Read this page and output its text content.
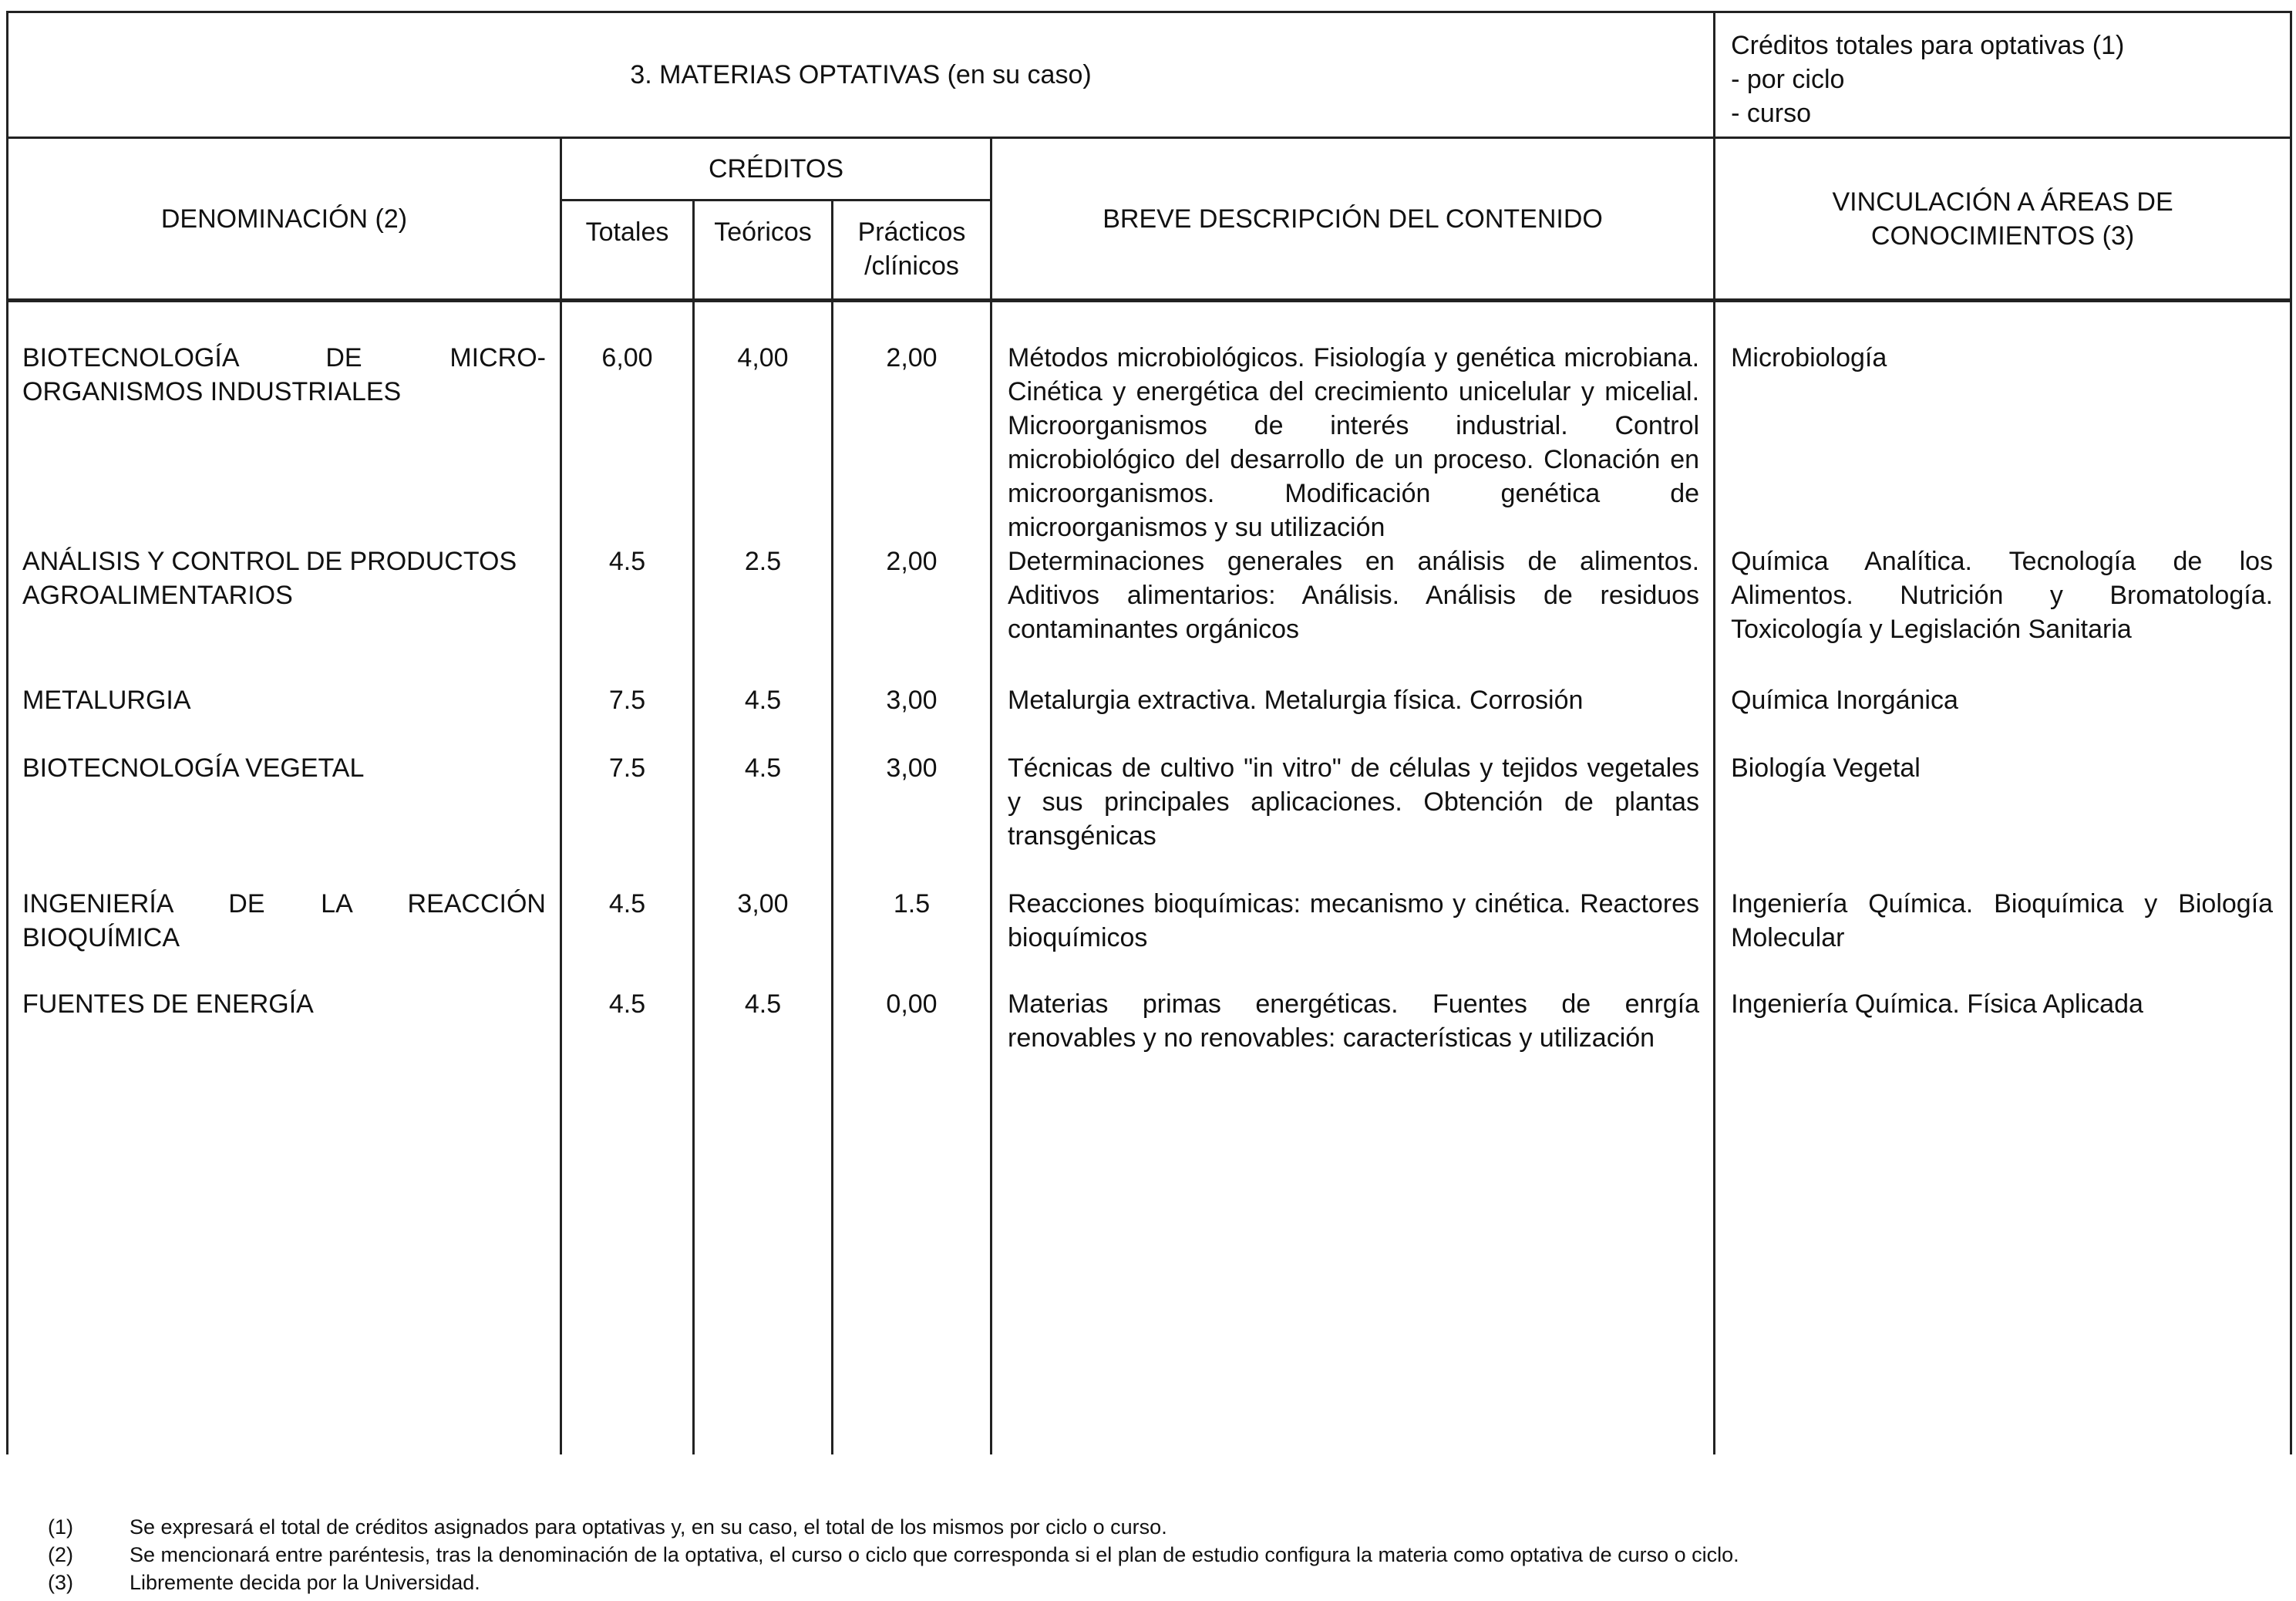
3. MATERIAS OPTATIVAS (en su caso)					Créditos totales para optativas (1)
- por ciclo
- curso

DENOMINACIÓN (2)	CRÉDITOS			BREVE DESCRIPCIÓN DEL CONTENIDO	VINCULACIÓN A ÁREAS DE
CONOCIMIENTOS (3)

	Totales	Teóricos	Prácticos
/clínicos		

BIOTECNOLOGÍA DE MICRO-
ORGANISMOS INDUSTRIALES	6,00	4,00	2,00	Métodos microbiológicos. Fisiología y genética microbiana. Cinética y energética del crecimiento unicelular y micelial. Microorganismos de interés industrial. Control microbiológico del desarrollo de un proceso. Clonación en microorganismos. Modificación genética de microorganismos y su utilización	Microbiología

ANÁLISIS Y CONTROL DE PRODUCTOS
AGROALIMENTARIOS	4.5	2.5	2,00	Determinaciones generales en análisis de alimentos. Aditivos alimentarios: Análisis. Análisis de residuos contaminantes orgánicos	Química Analítica. Tecnología de los Alimentos. Nutrición y Bromatología. Toxicología y Legislación Sanitaria

METALURGIA	7.5	4.5	3,00	Metalurgia extractiva. Metalurgia física. Corrosión	Química Inorgánica

BIOTECNOLOGÍA VEGETAL	7.5	4.5	3,00	Técnicas de cultivo "in vitro" de células y tejidos vegetales y sus principales aplicaciones. Obtención de plantas transgénicas	Biología Vegetal

INGENIERÍA DE LA REACCIÓN
BIOQUÍMICA	4.5	3,00	1.5	Reacciones bioquímicas: mecanismo y cinética. Reactores bioquímicos	Ingeniería Química. Bioquímica y Biología Molecular

FUENTES DE ENERGÍA	4.5	4.5	0,00	Materias primas energéticas. Fuentes de enrgía renovables y no renovables: características y utilización	Ingeniería Química. Física Aplicada
(1)	Se expresará el total de créditos asignados para optativas y, en su caso, el total de los mismos por ciclo o curso.
(2)	Se mencionará entre paréntesis, tras la denominación de la optativa, el curso o ciclo que corresponda si el plan de estudio configura la materia como optativa de curso o ciclo.
(3)	Libremente decida por la Universidad.
